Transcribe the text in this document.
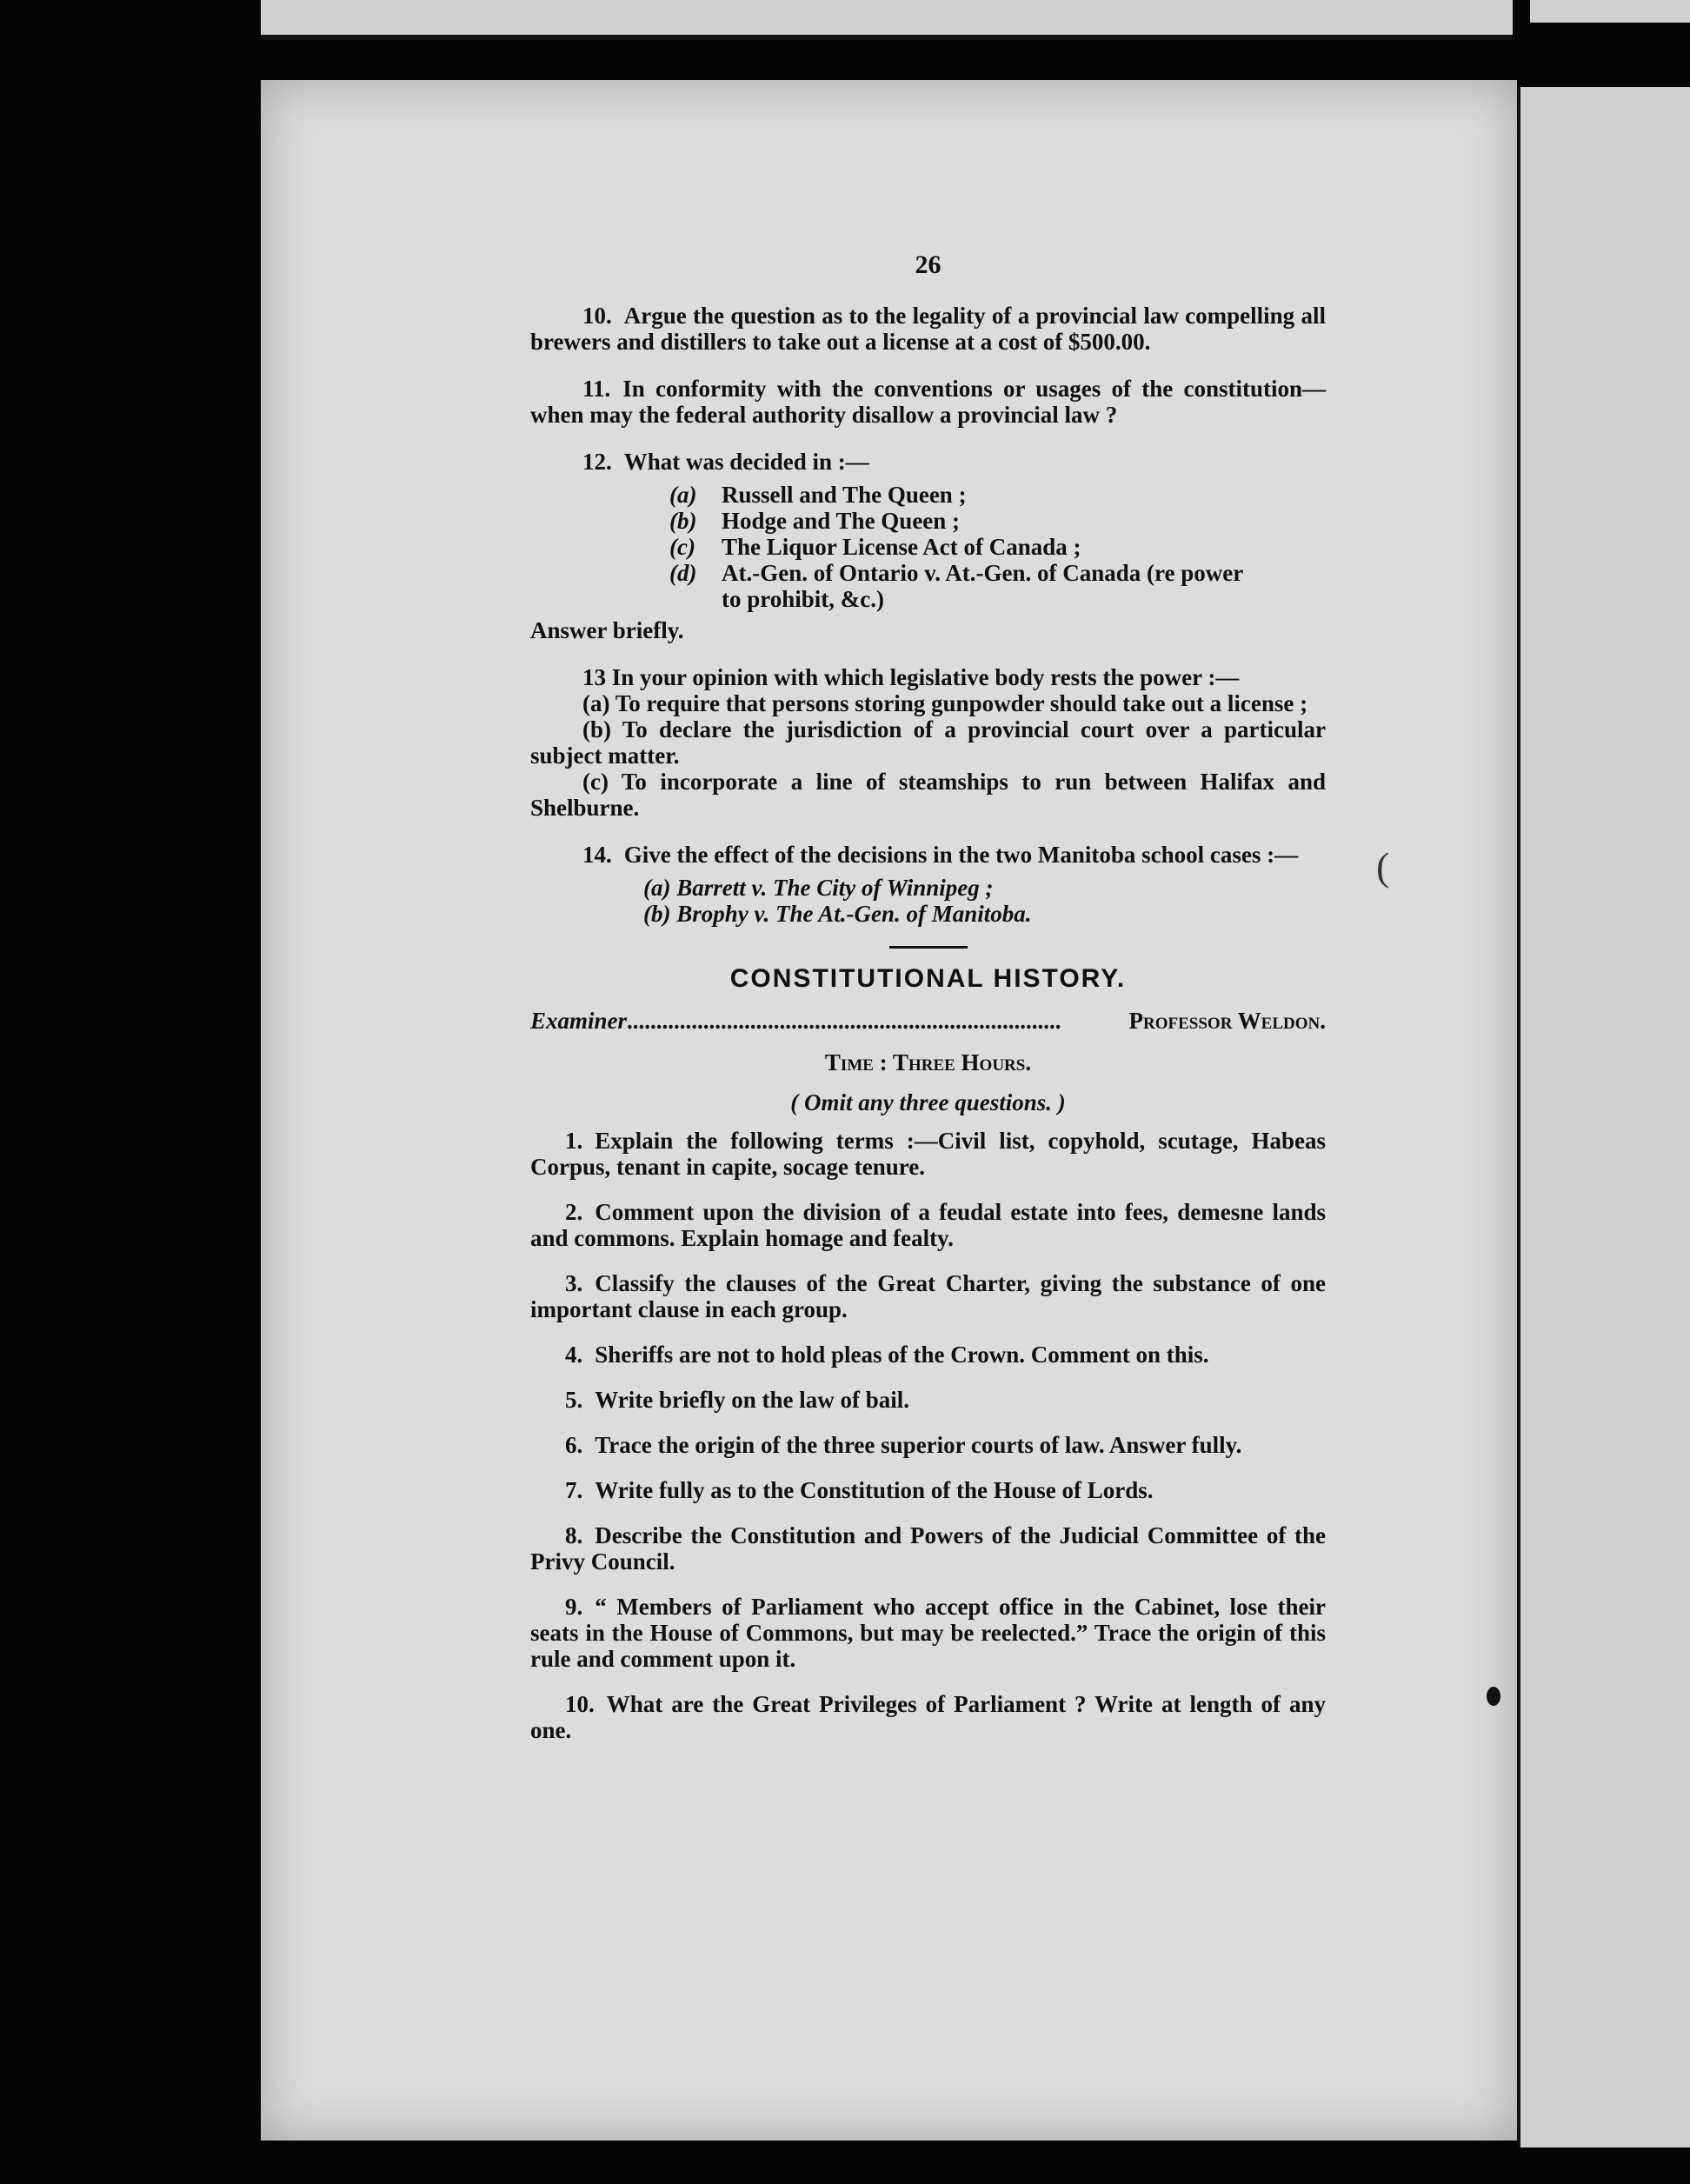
(
26
10. Argue the question as to the legality of a provincial law compelling all brewers and distillers to take out a license at a cost of $500.00.
11. In conformity with the conventions or usages of the constitution—when may the federal authority disallow a provincial law ?
12. What was decided in :—
(a) Russell and The Queen ;
(b) Hodge and The Queen ;
(c) The Liquor License Act of Canada ;
(d) At.-Gen. of Ontario v. At.-Gen. of Canada (re power
to prohibit, &c.)
Answer briefly.
13 In your opinion with which legislative body rests the power :—
(a) To require that persons storing gunpowder should take out a license ;
(b) To declare the jurisdiction of a provincial court over a particular subject matter.
(c) To incorporate a line of steamships to run between Halifax and Shelburne.
14. Give the effect of the decisions in the two Manitoba school cases :—
(a) Barrett v. The City of Winnipeg ;
(b) Brophy v. The At.-Gen. of Manitoba.
CONSTITUTIONAL HISTORY.
Examiner ..........................................................................	Professor Weldon.
Time : Three Hours.
( Omit any three questions. )
1. Explain the following terms :—Civil list, copyhold, scutage, Habeas Corpus, tenant in capite, socage tenure.
2. Comment upon the division of a feudal estate into fees, demesne lands and commons. Explain homage and fealty.
3. Classify the clauses of the Great Charter, giving the substance of one important clause in each group.
4. Sheriffs are not to hold pleas of the Crown. Comment on this.
5. Write briefly on the law of bail.
6. Trace the origin of the three superior courts of law. Answer fully.
7. Write fully as to the Constitution of the House of Lords.
8. Describe the Constitution and Powers of the Judicial Committee of the Privy Council.
9. “ Members of Parliament who accept office in the Cabinet, lose their seats in the House of Commons, but may be reelected.” Trace the origin of this rule and comment upon it.
10. What are the Great Privileges of Parliament ? Write at length of any one.
